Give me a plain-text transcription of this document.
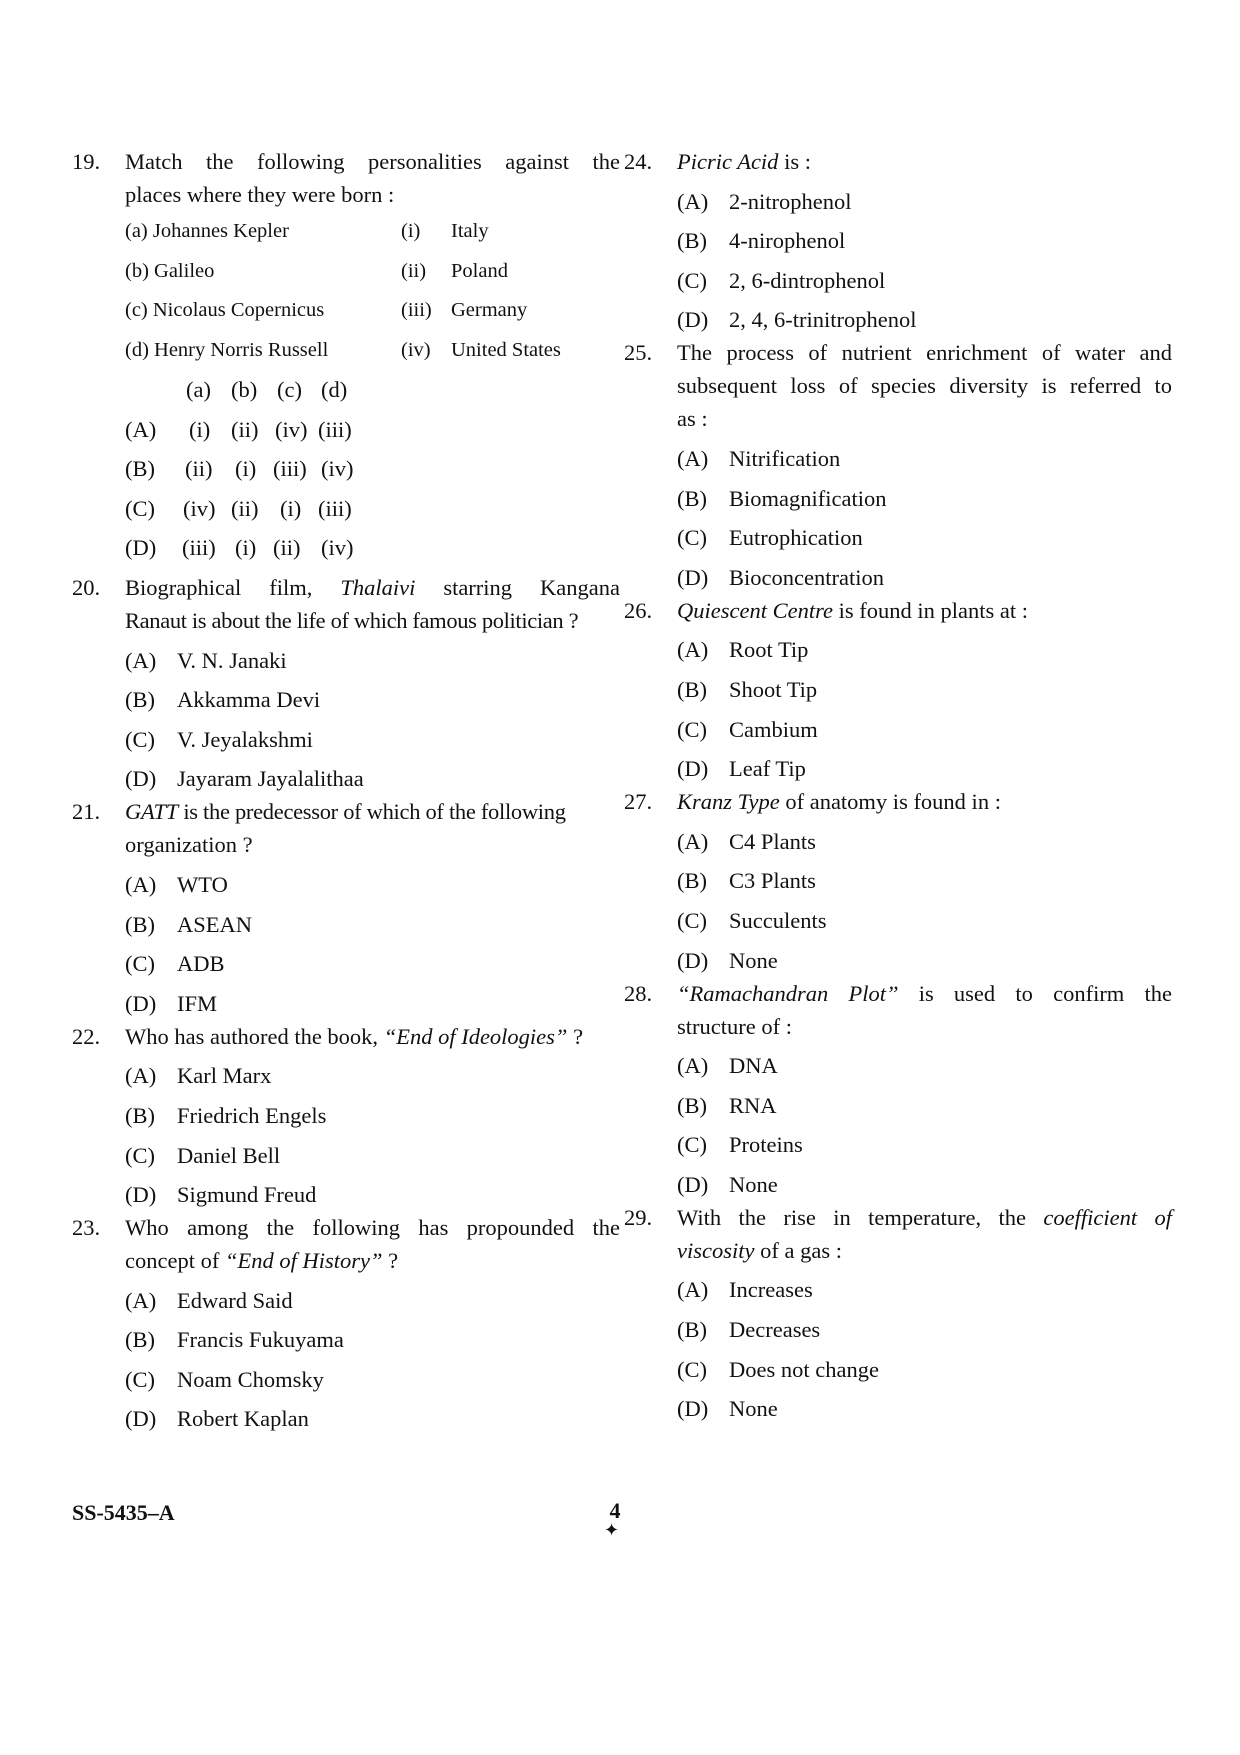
19. Match the following personalities against the
places where they were born :
(a) Johannes Kepler	(i) Italy
(b) Galileo	(ii) Poland
(c) Nicolaus Copernicus	(iii) Germany
(d) Henry Norris Russell	(iv) United States
(a) (b) (c) (d)
(A) (i) (ii) (iv) (iii)
(B) (ii) (i) (iii) (iv)
(C) (iv) (ii) (i) (iii)
(D) (iii) (i) (ii) (iv)
20. Biographical film, Thalaivi starring Kangana
Ranaut is about the life of which famous politician ?
(A) V. N. Janaki
(B) Akkamma Devi
(C) V. Jeyalakshmi
(D) Jayaram Jayalalithaa
21. GATT is the predecessor of which of the following
organization ?
(A) WTO
(B) ASEAN
(C) ADB
(D) IFM
22. Who has authored the book, “End of Ideologies” ?
(A) Karl Marx
(B) Friedrich Engels
(C) Daniel Bell
(D) Sigmund Freud
23. Who among the following has propounded the
concept of “End of History” ?
(A) Edward Said
(B) Francis Fukuyama
(C) Noam Chomsky
(D) Robert Kaplan
24. Picric Acid is :
(A) 2-nitrophenol
(B) 4-nirophenol
(C) 2, 6-dintrophenol
(D) 2, 4, 6-trinitrophenol
25. The process of nutrient enrichment of water and
subsequent loss of species diversity is referred to
as :
(A) Nitrification
(B) Biomagnification
(C) Eutrophication
(D) Bioconcentration
26. Quiescent Centre is found in plants at :
(A) Root Tip
(B) Shoot Tip
(C) Cambium
(D) Leaf Tip
27. Kranz Type of anatomy is found in :
(A) C4 Plants
(B) C3 Plants
(C) Succulents
(D) None
28. “Ramachandran Plot” is used to confirm the
structure of :
(A) DNA
(B) RNA
(C) Proteins
(D) None
29. With the rise in temperature, the coefficient of
viscosity of a gas :
(A) Increases
(B) Decreases
(C) Does not change
(D) None
SS-5435–A	4
✦
